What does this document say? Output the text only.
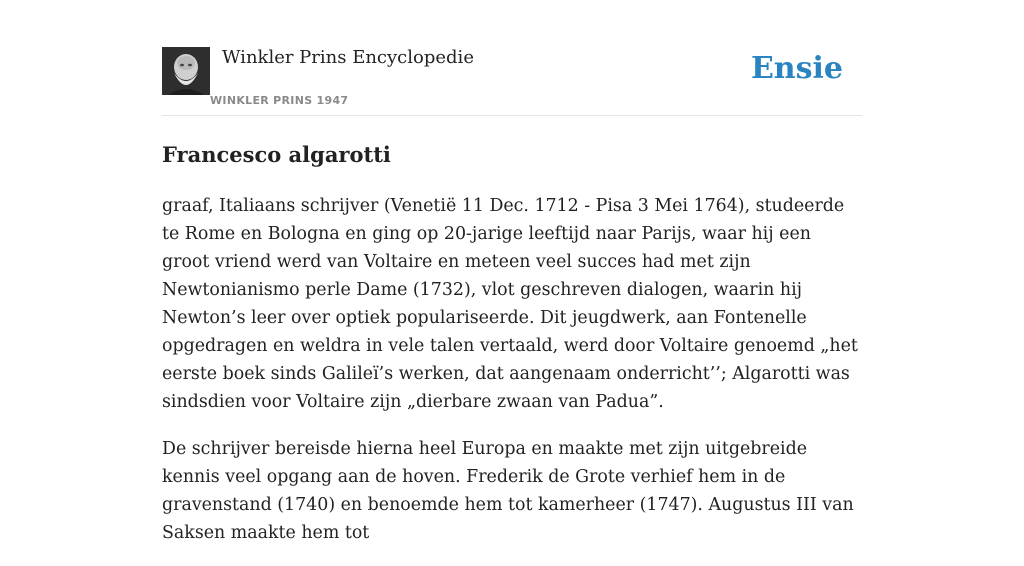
Winkler Prins Encyclopedie
WINKLER PRINS 1947
Ensie
Francesco algarotti

graaf, Italiaans schrijver (Venetië 11 Dec. 1712 - Pisa 3 Mei 1764), studeerde te Rome en Bologna en ging op 20-jarige leeftijd naar Parijs, waar hij een groot vriend werd van Voltaire en meteen veel succes had met zijn Newtonianismo perle Dame (1732), vlot geschreven dialogen, waarin hij Newton’s leer over optiek populariseerde. Dit jeugdwerk, aan Fontenelle opgedragen en weldra in vele talen vertaald, werd door Voltaire genoemd „het eerste boek sinds Galileï’s werken, dat aangenaam onderricht’’; Algarotti was sindsdien voor Voltaire zijn „dierbare zwaan van Padua”.

De schrijver bereisde hierna heel Europa en maakte met zijn uitgebreide kennis veel opgang aan de hoven. Frederik de Grote verhief hem in de gravenstand (1740) en benoemde hem tot kamerheer (1747). Augustus III van Saksen maakte hem tot
